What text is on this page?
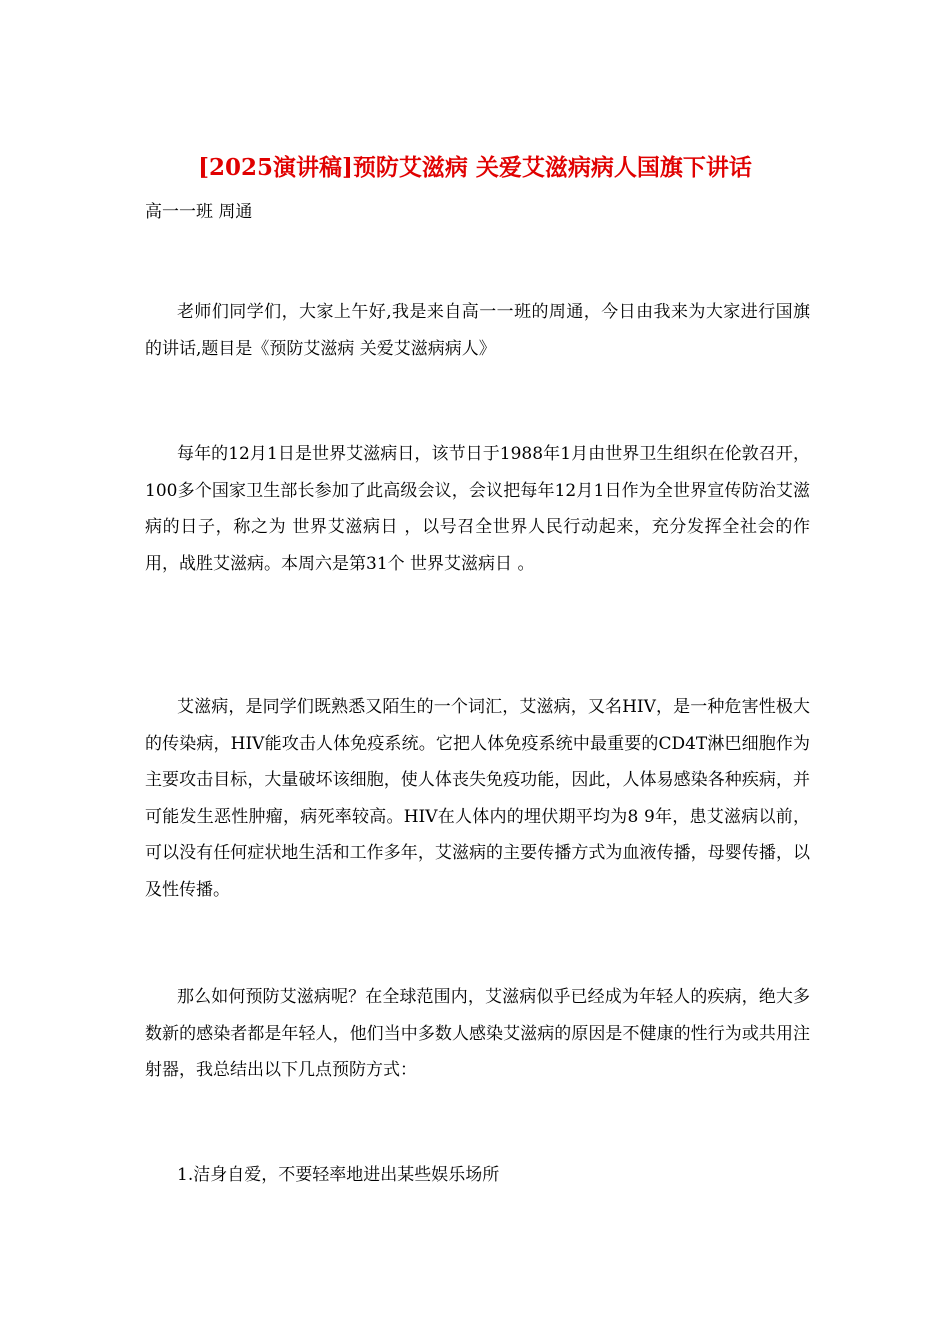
[2025演讲稿]预防艾滋病 关爱艾滋病病人国旗下讲话
高一一班 周通

老师们同学们，大家上午好,我是来自高一一班的周通，今日由我来为大家进行国旗的讲话,题目是《预防艾滋病 关爱艾滋病病人》

每年的12月1日是世界艾滋病日，该节日于1988年1月由世界卫生组织在伦敦召开，100多个国家卫生部长参加了此高级会议，会议把每年12月1日作为全世界宣传防治艾滋病的日子，称之为 世界艾滋病日 ，以号召全世界人民行动起来，充分发挥全社会的作用，战胜艾滋病。本周六是第31个 世界艾滋病日 。

艾滋病，是同学们既熟悉又陌生的一个词汇，艾滋病，又名HIV，是一种危害性极大的传染病，HIV能攻击人体免疫系统。它把人体免疫系统中最重要的CD4T淋巴细胞作为主要攻击目标，大量破坏该细胞，使人体丧失免疫功能，因此，人体易感染各种疾病，并可能发生恶性肿瘤，病死率较高。HIV在人体内的埋伏期平均为8 9年，患艾滋病以前，可以没有任何症状地生活和工作多年，艾滋病的主要传播方式为血液传播，母婴传播，以及性传播。

那么如何预防艾滋病呢？在全球范围内，艾滋病似乎已经成为年轻人的疾病，绝大多数新的感染者都是年轻人，他们当中多数人感染艾滋病的原因是不健康的性行为或共用注射器，我总结出以下几点预防方式：

1.洁身自爱，不要轻率地进出某些娱乐场所
